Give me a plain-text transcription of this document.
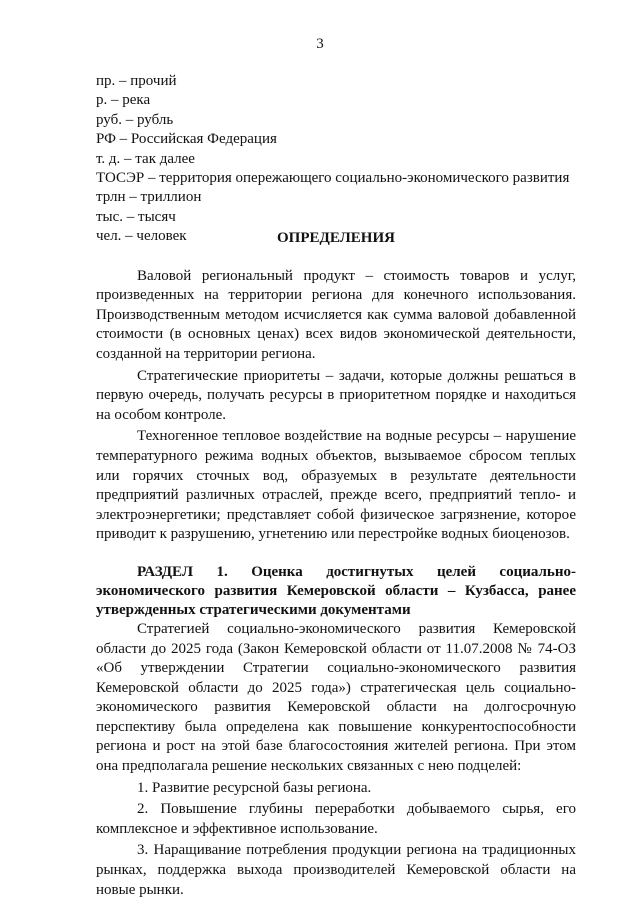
3
пр. – прочий
р. – река
руб. – рубль
РФ – Российская Федерация
т. д. – так далее
ТОСЭР – территория опережающего социально-экономического развития
трлн – триллион
тыс. – тысяч
чел. – человек	ОПРЕДЕЛЕНИЯ

Валовой региональный продукт – стоимость товаров и услуг, произведенных на территории региона для конечного использования. Производственным методом исчисляется как сумма валовой добавленной стоимости (в основных ценах) всех видов экономической деятельности, созданной на территории региона.

Стратегические приоритеты – задачи, которые должны решаться в первую очередь, получать ресурсы в приоритетном порядке и находиться на особом контроле.

Техногенное тепловое воздействие на водные ресурсы – нарушение температурного режима водных объектов, вызываемое сбросом теплых или горячих сточных вод, образуемых в результате деятельности предприятий различных отраслей, прежде всего, предприятий тепло- и электроэнергетики; представляет собой физическое загрязнение, которое приводит к разрушению, угнетению или перестройке водных биоценозов.

РАЗДЕЛ 1. Оценка достигнутых целей социально-экономического развития Кемеровской области – Кузбасса, ранее утвержденных стратегическими документами

Стратегией социально-экономического развития Кемеровской области до 2025 года (Закон Кемеровской области от 11.07.2008 № 74-ОЗ «Об утверждении Стратегии социально-экономического развития Кемеровской области до 2025 года») стратегическая цель социально-экономического развития Кемеровской области на долгосрочную перспективу была определена как повышение конкурентоспособности региона и рост на этой базе благосостояния жителей региона. При этом она предполагала решение нескольких связанных с нею подцелей:

1. Развитие ресурсной базы региона.

2. Повышение глубины переработки добываемого сырья, его комплексное и эффективное использование.

3. Наращивание потребления продукции региона на традиционных рынках, поддержка выхода производителей Кемеровской области на новые рынки.
